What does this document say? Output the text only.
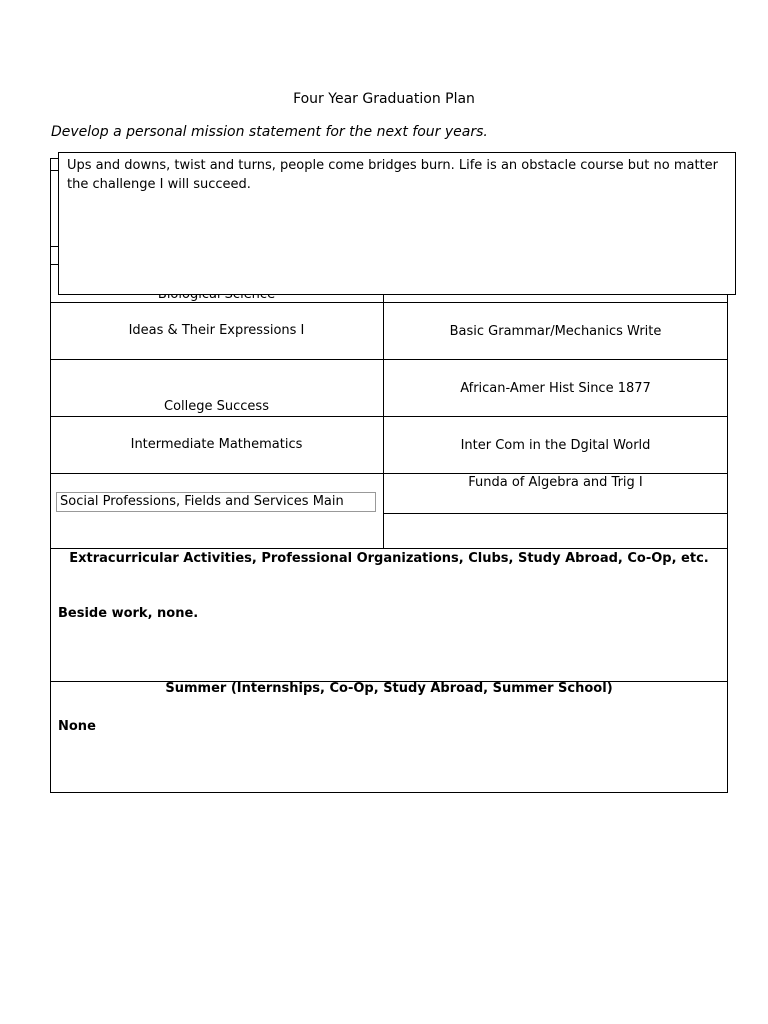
Four Year Graduation Plan
Develop a personal mission statement for the next four years.
Ideas & Their Expressions I	Basic Grammar/Mechanics Write
College Success
African-Amer Hist Since 1877
Intermediate Mathematics	Inter Com in the Dgital World
Funda of Algebra and Trig I
Social Professions, Fields and Services Main
Extracurricular Activities, Professional Organizations, Clubs, Study Abroad, Co-Op, etc.
Beside work, none.
Summer (Internships, Co-Op, Study Abroad, Summer School)
None
Ups and downs, twist and turns, people come bridges burn. Life is an obstacle course but no matter the challenge I will succeed.
